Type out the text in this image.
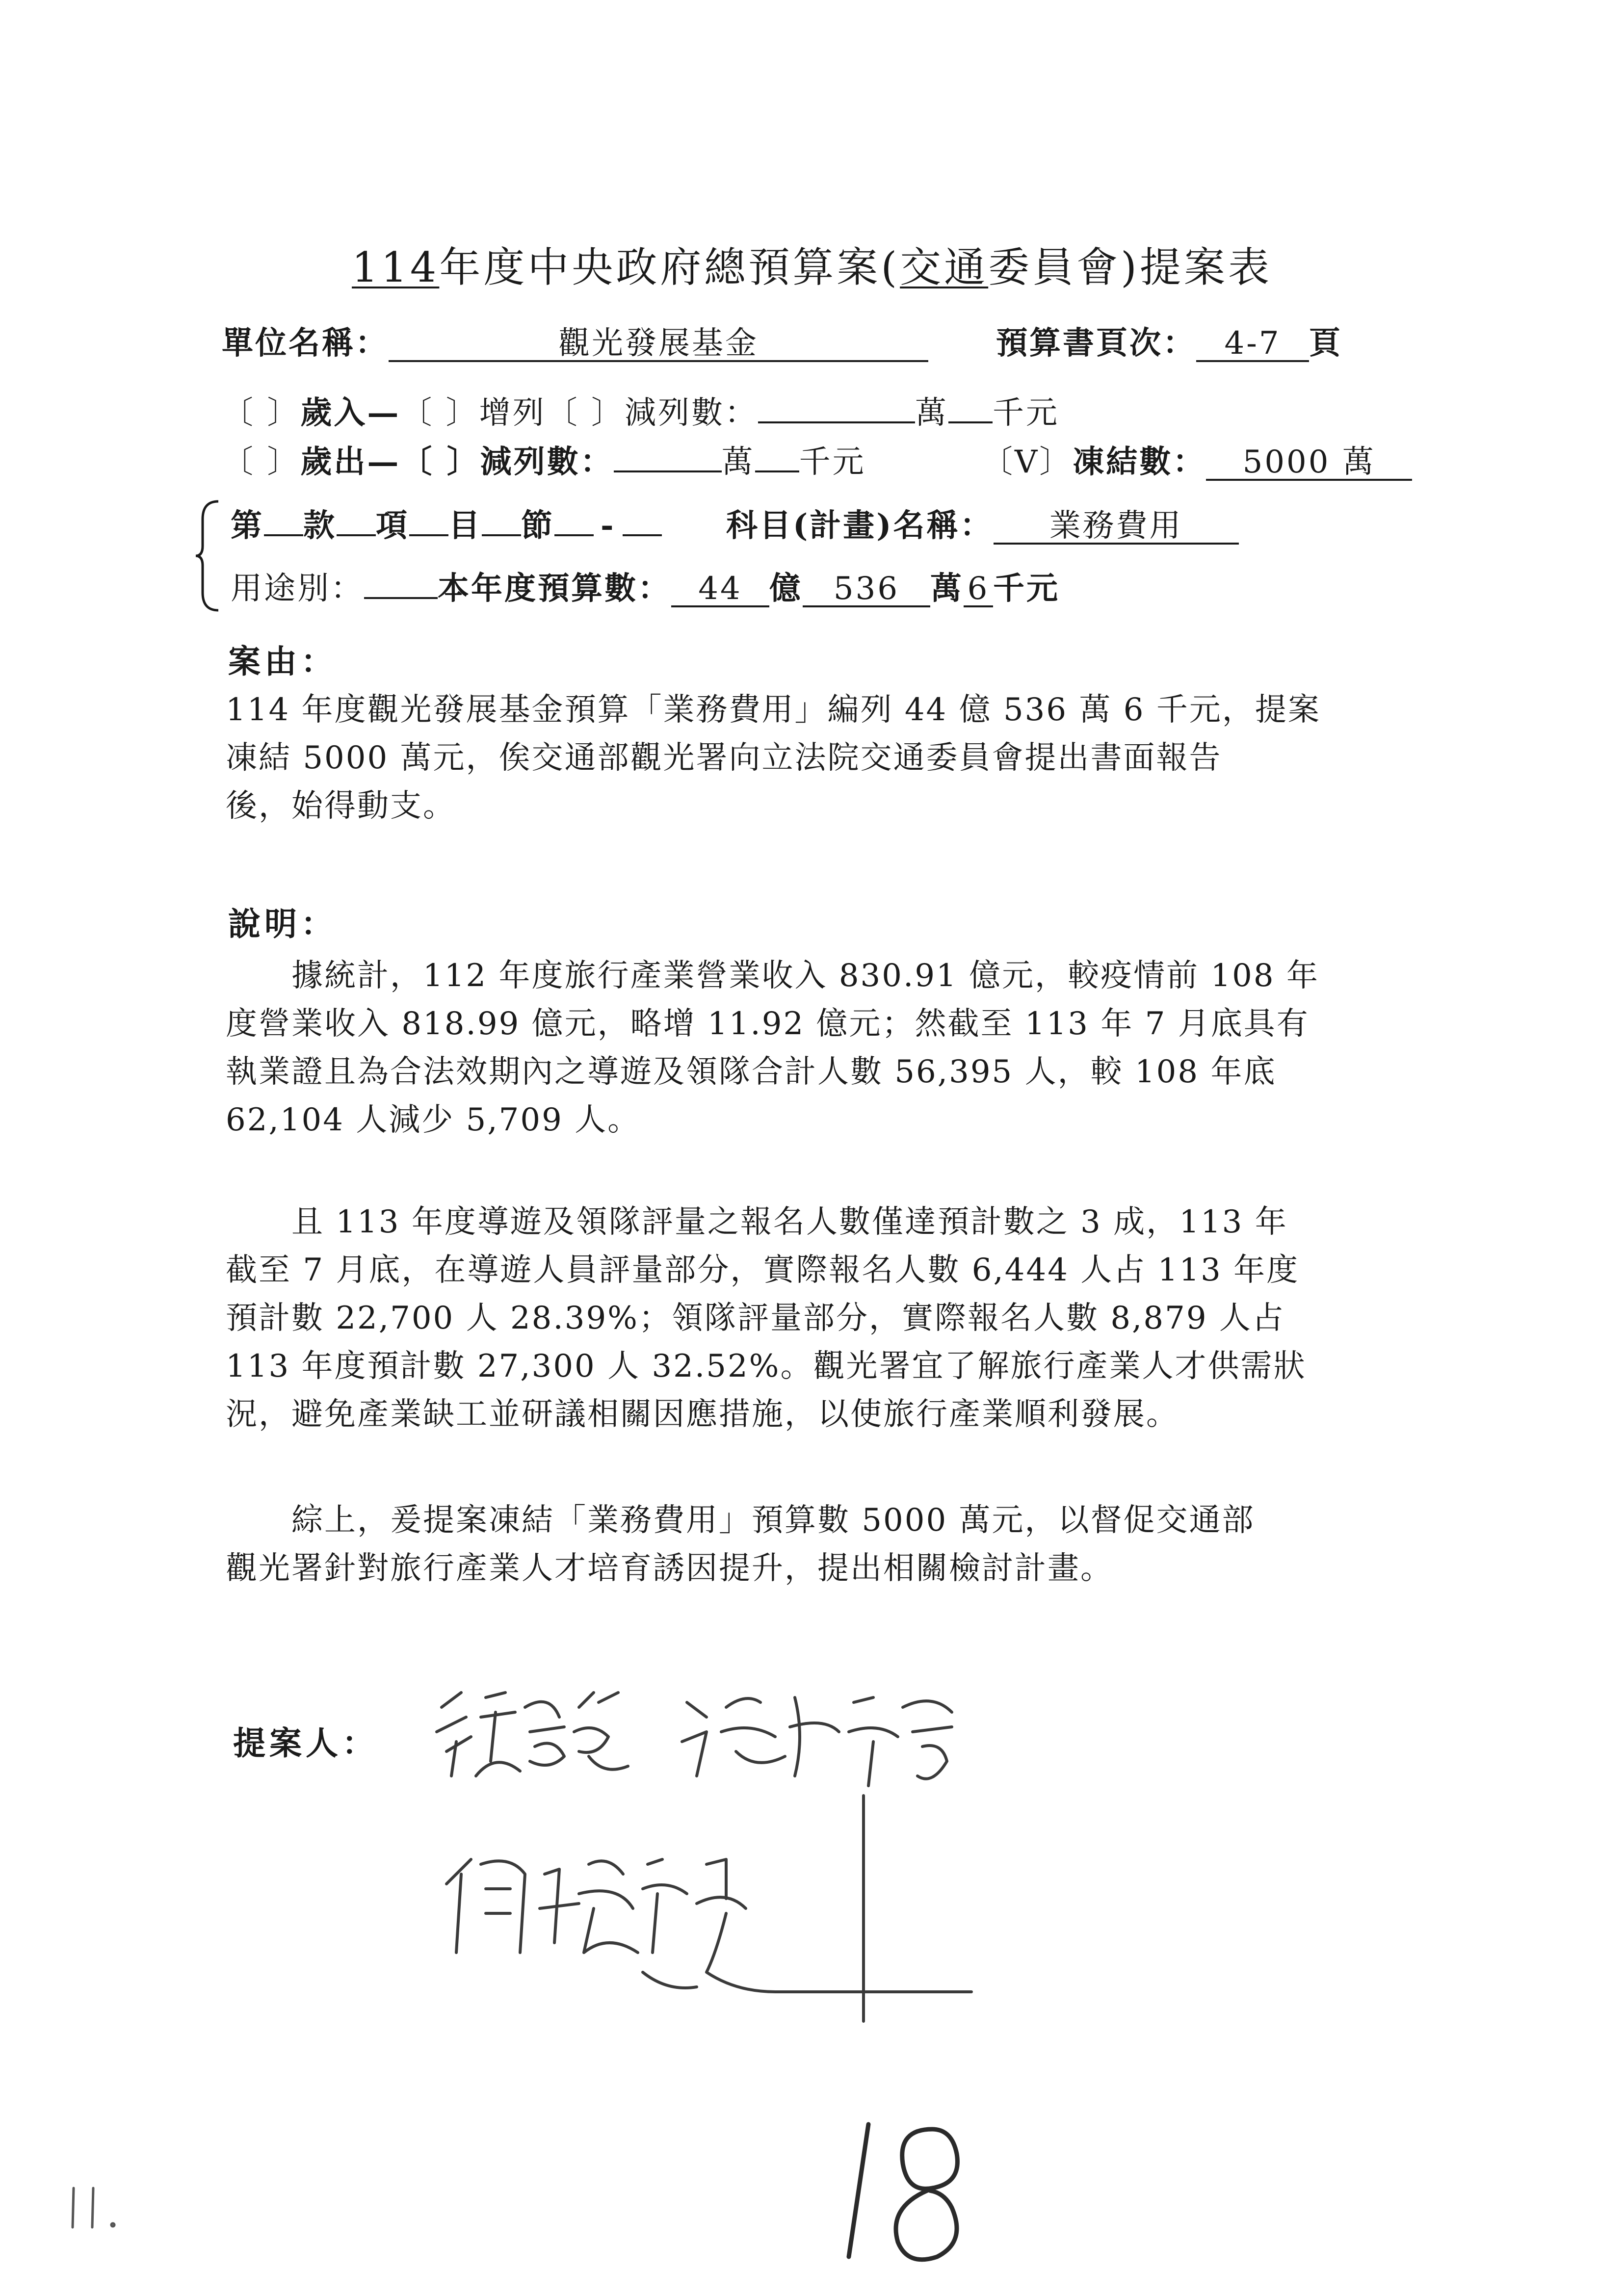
114年度中央政府總預算案(交通委員會)提案表
單位名稱：	觀光發展基金	預算書頁次： 4-7 頁
〔 〕歲入—〔 〕增列〔 〕減列數：	萬 千元
〔 〕歲出—〔 〕減列數：	萬 千元	〔V〕凍結數： 5000 萬
第 款 項 目 節 -	科目(計畫)名稱： 業務費用
用途別： 本年度預算數： 44 億 536 萬 6 千元
案由：
114 年度觀光發展基金預算「業務費用」編列 44 億 536 萬 6 千元，提案
凍結 5000 萬元，俟交通部觀光署向立法院交通委員會提出書面報告
後，始得動支。
說明：
　　據統計，112 年度旅行產業營業收入 830.91 億元，較疫情前 108 年
度營業收入 818.99 億元，略增 11.92 億元；然截至 113 年 7 月底具有
執業證且為合法效期內之導遊及領隊合計人數 56,395 人，較 108 年底
62,104 人減少 5,709 人。
　　且 113 年度導遊及領隊評量之報名人數僅達預計數之 3 成，113 年
截至 7 月底，在導遊人員評量部分，實際報名人數 6,444 人占 113 年度
預計數 22,700 人 28.39%；領隊評量部分，實際報名人數 8,879 人占
113 年度預計數 27,300 人 32.52%。觀光署宜了解旅行產業人才供需狀
況，避免產業缺工並研議相關因應措施，以使旅行產業順利發展。
　　綜上，爰提案凍結「業務費用」預算數 5000 萬元，以督促交通部
觀光署針對旅行產業人才培育誘因提升，提出相關檢討計畫。
提案人：
